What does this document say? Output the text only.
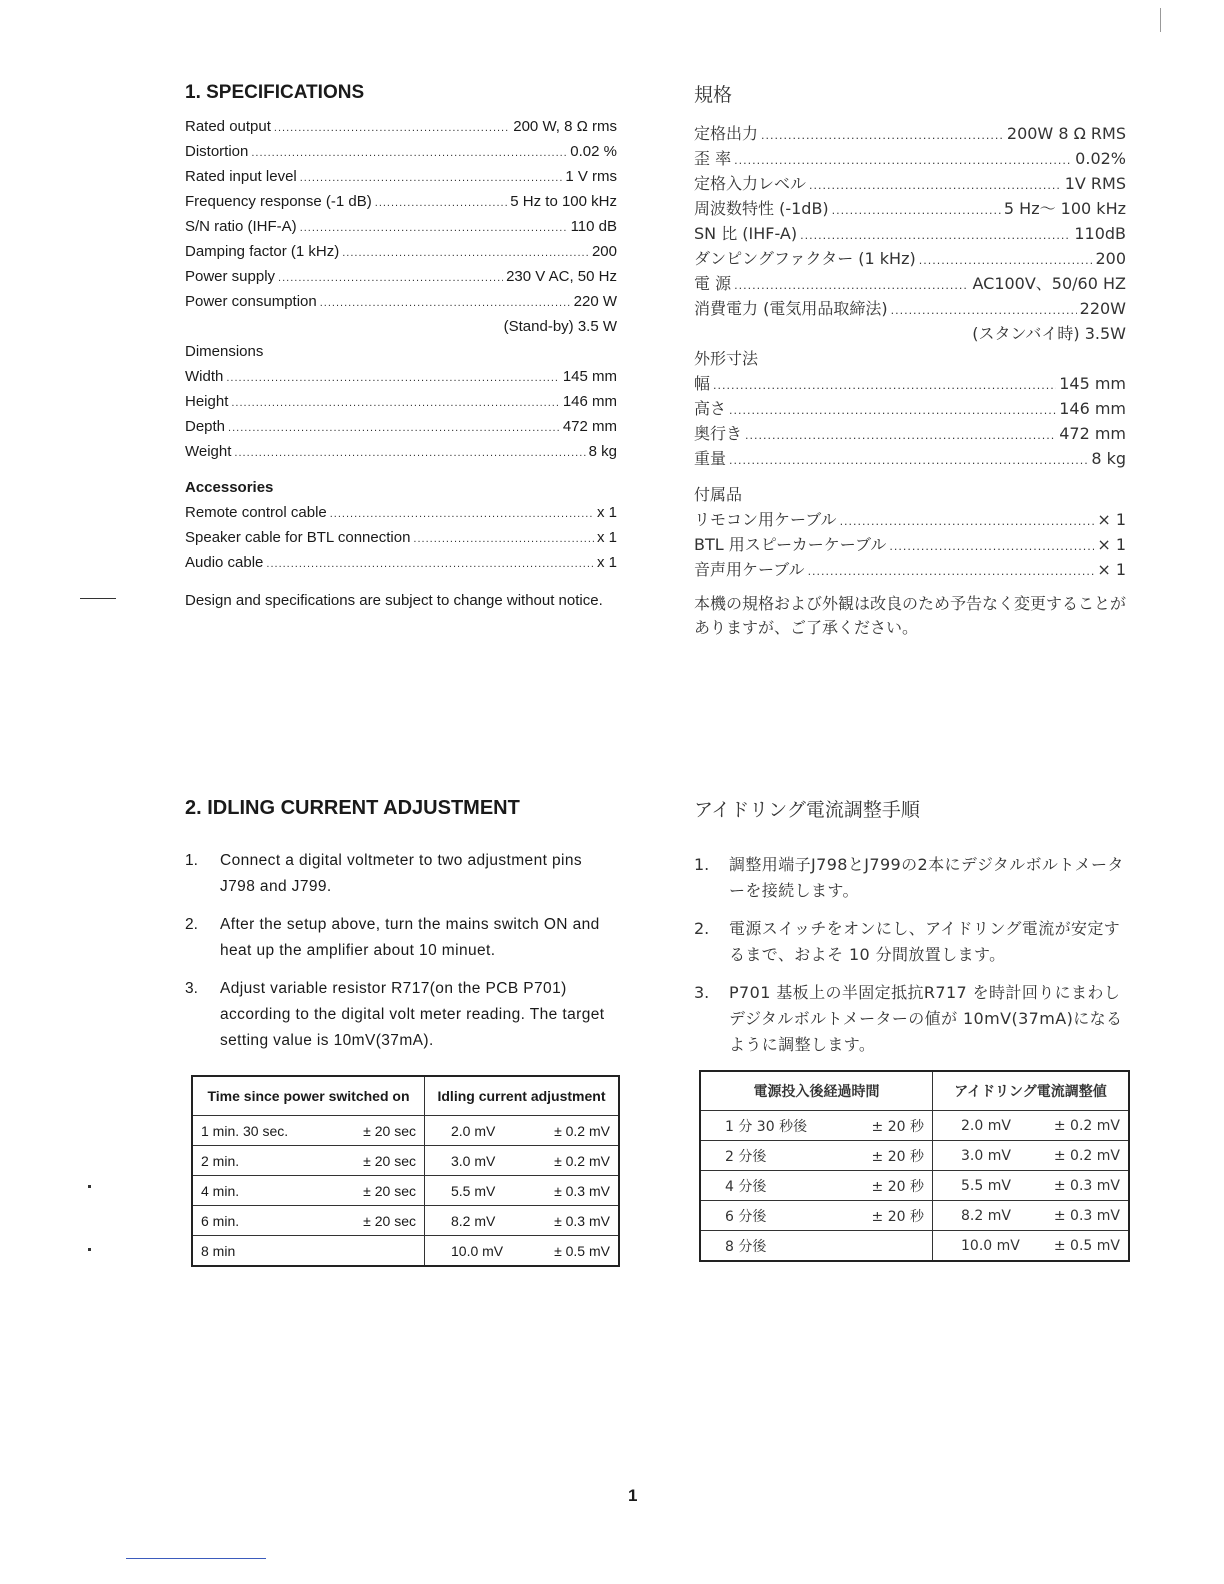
1. SPECIFICATIONS
Rated output .....	200 W, 8 Ω rms
Distortion .....	0.02 %
Rated input level .....	1 V rms
Frequency response (-1 dB) .....	5 Hz to 100 kHz
S/N ratio (IHF-A) .....	110 dB
Damping factor (1 kHz) .....	200
Power supply .....	230 V AC, 50 Hz
Power consumption .....	220 W
(Stand-by) 3.5 W
Dimensions
Width .....	145 mm
Height .....	146 mm
Depth .....	472 mm
Weight .....	8 kg
Accessories
Remote control cable .....	x 1
Speaker cable for BTL connection .....	x 1
Audio cable .....	x 1
Design and specifications are subject to change without notice.
規格
定格出力 .....	200W 8 Ω RMS
歪 率 .....	0.02%
定格入力レベル .....	1V RMS
周波数特性 (-1dB) .....	5 Hz～ 100 kHz
SN 比 (IHF-A) .....	110dB
ダンピングファクター (1 kHz) .....	200
電 源 .....	AC100V、50/60 HZ
消費電力 (電気用品取締法) .....	220W
(スタンバイ時) 3.5W
外形寸法
幅 .....	145 mm
高さ .....	146 mm
奥行き .....	472 mm
重量 .....	8 kg
付属品
リモコン用ケーブル .....	× 1
BTL 用スピーカーケーブル .....	× 1
音声用ケーブル .....	× 1
本機の規格および外観は改良のため予告なく変更することがありますが、ご了承ください。
2. IDLING CURRENT ADJUSTMENT
1.	Connect a digital voltmeter to two adjustment pins J798 and J799.
2.	After the setup above, turn the mains switch ON and heat up the amplifier about 10 minuet.
3.	Adjust variable resistor R717(on the PCB P701) according to the digital volt meter reading. The target setting value is 10mV(37mA).
Time since power switched on	Idling current adjustment

1 min. 30 sec. ± 20 sec	2.0 mV ± 0.2 mV

2 min. ± 20 sec	3.0 mV ± 0.2 mV

4 min. ± 20 sec	5.5 mV ± 0.3 mV

6 min. ± 20 sec	8.2 mV ± 0.3 mV

8 min	10.0 mV ± 0.5 mV
アイドリング電流調整手順
1.	調整用端子J798とJ799の2本にデジタルボルトメーターを接続します。
2.	電源スイッチをオンにし、アイドリング電流が安定するまで、およそ 10 分間放置します。
3.	P701 基板上の半固定抵抗R717 を時計回りにまわしデジタルボルトメーターの値が 10mV(37mA)になるように調整します。
電源投入後経過時間	アイドリング電流調整値

1 分 30 秒後 ± 20 秒	2.0 mV ± 0.2 mV

2 分後 ± 20 秒	3.0 mV ± 0.2 mV

4 分後 ± 20 秒	5.5 mV ± 0.3 mV

6 分後 ± 20 秒	8.2 mV ± 0.3 mV

8 分後	10.0 mV ± 0.5 mV
1
